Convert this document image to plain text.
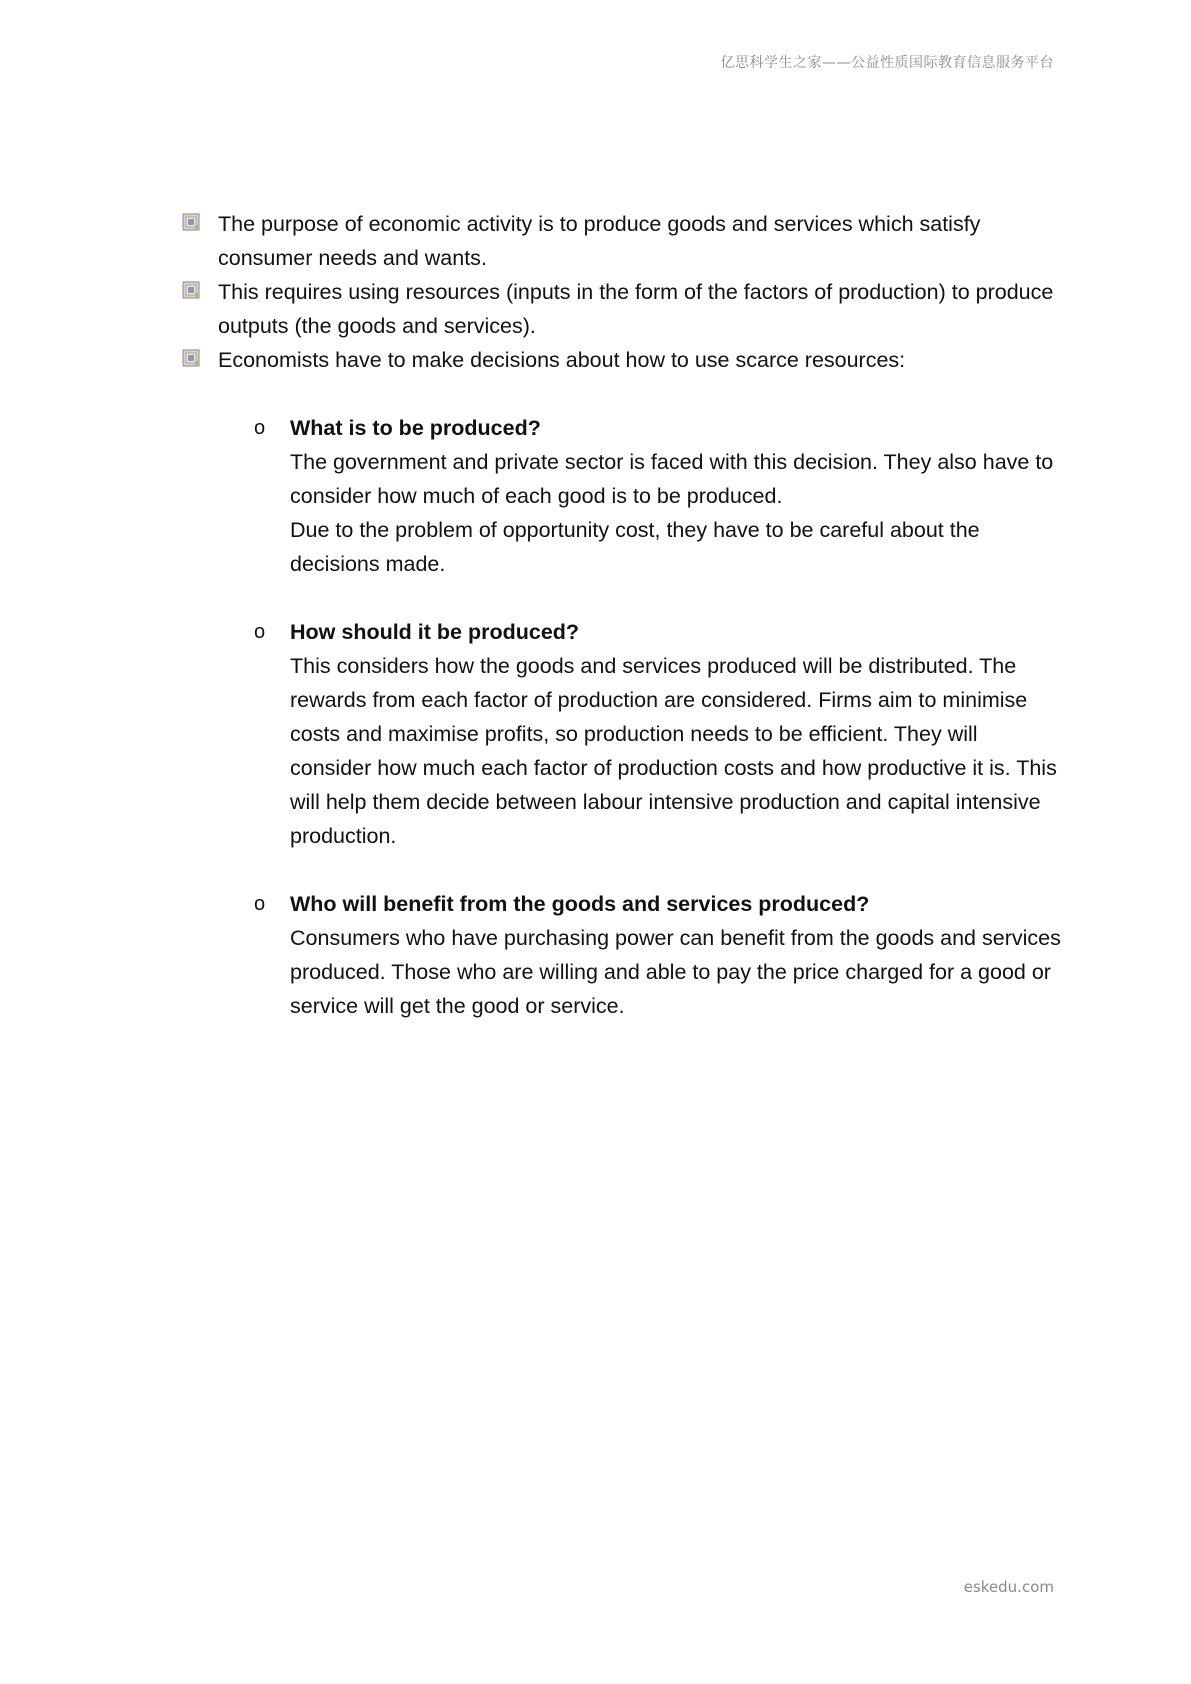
亿思科学生之家——公益性质国际教育信息服务平台
The purpose of economic activity is to produce goods and services which satisfy consumer needs and wants.
This requires using resources (inputs in the form of the factors of production) to produce outputs (the goods and services).
Economists have to make decisions about how to use scarce resources:
o What is to be produced?
The government and private sector is faced with this decision. They also have to consider how much of each good is to be produced.
Due to the problem of opportunity cost, they have to be careful about the decisions made.
o How should it be produced?
This considers how the goods and services produced will be distributed. The rewards from each factor of production are considered. Firms aim to minimise costs and maximise profits, so production needs to be efficient. They will consider how much each factor of production costs and how productive it is. This will help them decide between labour intensive production and capital intensive production.
o Who will benefit from the goods and services produced?
Consumers who have purchasing power can benefit from the goods and services produced. Those who are willing and able to pay the price charged for a good or service will get the good or service.
eskedu.com
